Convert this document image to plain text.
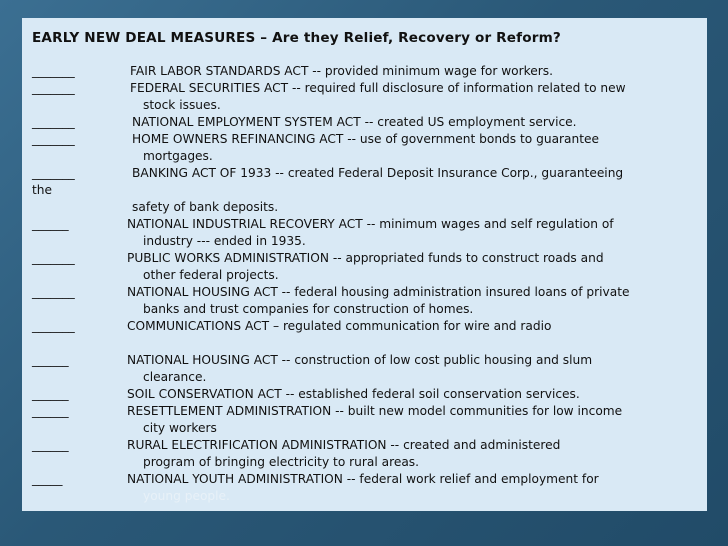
EARLY NEW DEAL MEASURES – Are they Relief, Recovery or Reform?
_______	FAIR LABOR STANDARDS ACT -- provided minimum wage for workers.
_______	FEDERAL SECURITIES ACT -- required full disclosure of information related to new
stock issues.
_______	NATIONAL EMPLOYMENT SYSTEM ACT -- created US employment service.
_______	HOME OWNERS REFINANCING ACT -- use of government bonds to guarantee
mortgages.
_______	BANKING ACT OF 1933 -- created Federal Deposit Insurance Corp., guaranteeing
the
safety of bank deposits.
______	NATIONAL INDUSTRIAL RECOVERY ACT -- minimum wages and self regulation of
industry --- ended in 1935.
_______	PUBLIC WORKS ADMINISTRATION -- appropriated funds to construct roads and
other federal projects.
_______	NATIONAL HOUSING ACT -- federal housing administration insured loans of private
banks and trust companies for construction of homes.
_______	COMMUNICATIONS ACT – regulated communication for wire and radio
______	NATIONAL HOUSING ACT -- construction of low cost public housing and slum
clearance.
______	SOIL CONSERVATION ACT -- established federal soil conservation services.
______	RESETTLEMENT ADMINISTRATION -- built new model communities for low income
city workers
______	RURAL ELECTRIFICATION ADMINISTRATION -- created and administered
program of bringing electricity to rural areas.
_____	NATIONAL YOUTH ADMINISTRATION -- federal work relief and employment for
young people.
